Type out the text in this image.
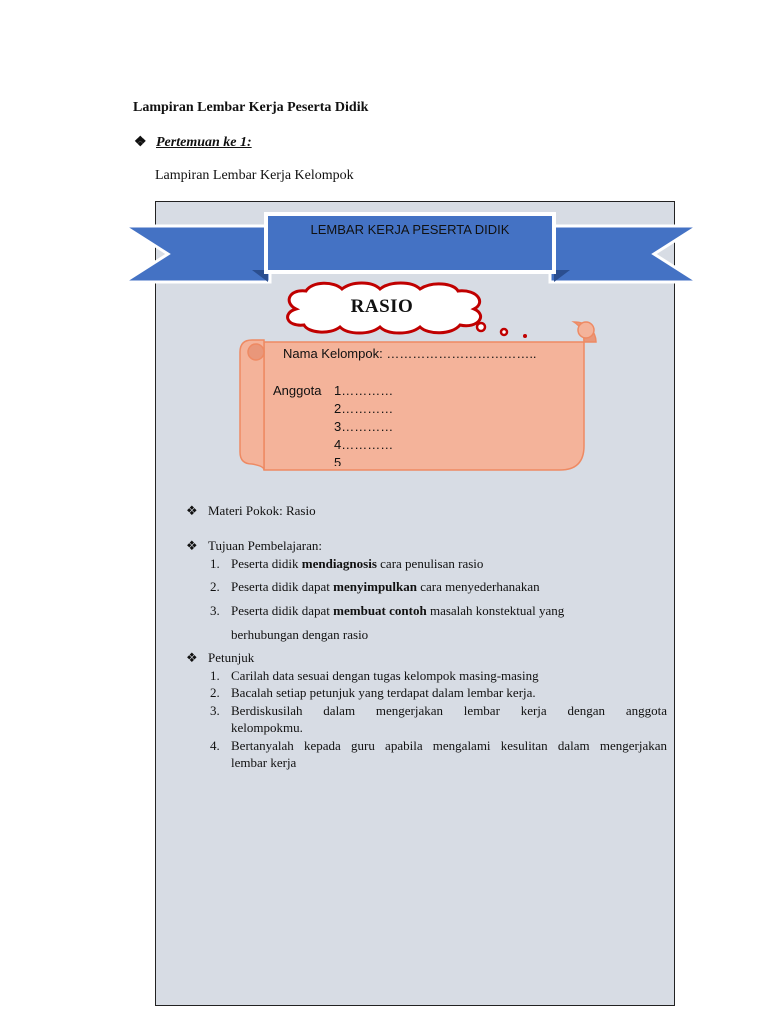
Lampiran Lembar Kerja Peserta Didik
❖ Pertemuan ke 1:
Lampiran Lembar Kerja Kelompok
LEMBAR KERJA PESERTA DIDIK
RASIO
Nama Kelompok: ……………………………..
Anggota 1…………
2…………
3…………
4…………
5
❖ Materi Pokok: Rasio
❖ Tujuan Pembelajaran:
1. Peserta didik mendiagnosis cara penulisan rasio
2. Peserta didik dapat menyimpulkan cara menyederhanakan
3. Peserta didik dapat membuat contoh masalah konstektual yang
berhubungan dengan rasio
❖ Petunjuk
1. Carilah data sesuai dengan tugas kelompok masing-masing
2. Bacalah setiap petunjuk yang terdapat dalam lembar kerja.
3. Berdiskusilah dalam mengerjakan lembar kerja dengan anggota
kelompokmu.
4. Bertanyalah kepada guru apabila mengalami kesulitan dalam mengerjakan
lembar kerja
